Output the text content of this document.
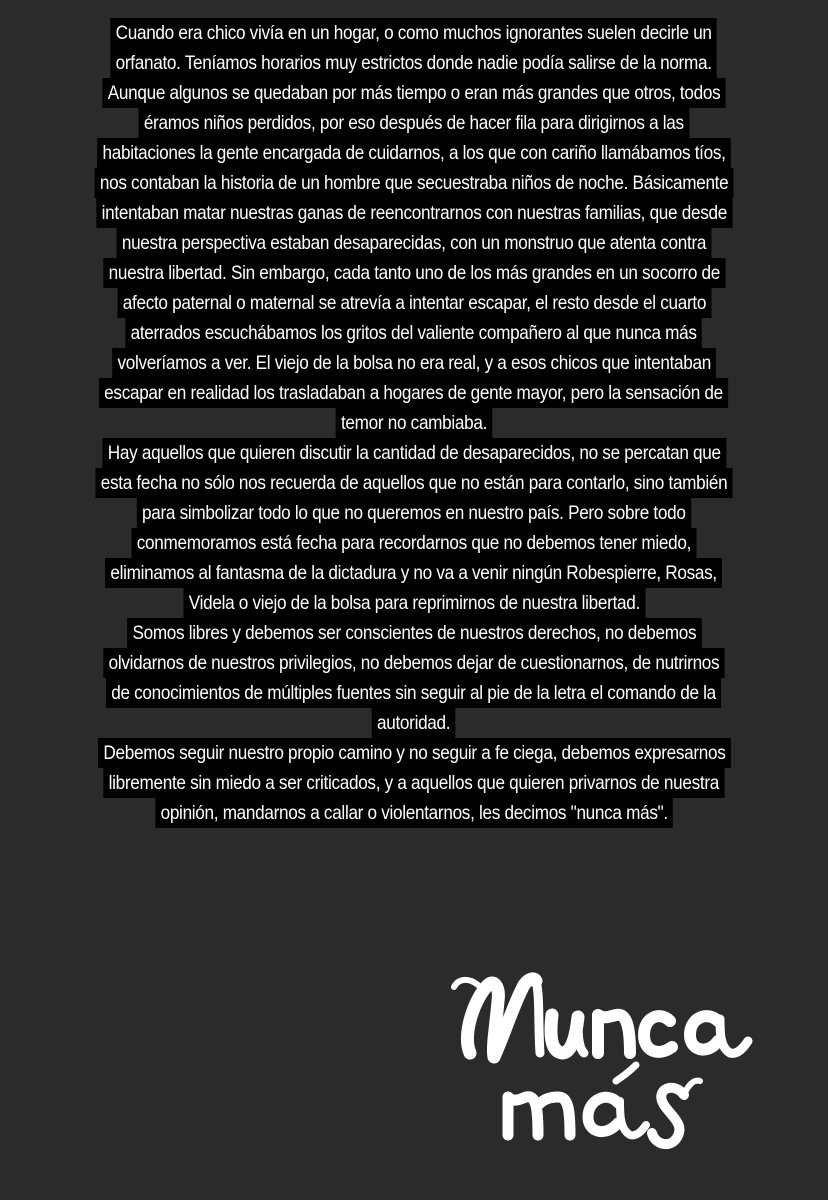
Cuando era chico vivía en un hogar, o como muchos ignorantes suelen decirle un
orfanato. Teníamos horarios muy estrictos donde nadie podía salirse de la norma.
Aunque algunos se quedaban por más tiempo o eran más grandes que otros, todos
éramos niños perdidos, por eso después de hacer fila para dirigirnos a las
habitaciones la gente encargada de cuidarnos, a los que con cariño llamábamos tíos,
nos contaban la historia de un hombre que secuestraba niños de noche. Básicamente
intentaban matar nuestras ganas de reencontrarnos con nuestras familias, que desde
nuestra perspectiva estaban desaparecidas, con un monstruo que atenta contra
nuestra libertad. Sin embargo, cada tanto uno de los más grandes en un socorro de
afecto paternal o maternal se atrevía a intentar escapar, el resto desde el cuarto
aterrados escuchábamos los gritos del valiente compañero al que nunca más
volveríamos a ver. El viejo de la bolsa no era real, y a esos chicos que intentaban
escapar en realidad los trasladaban a hogares de gente mayor, pero la sensación de
temor no cambiaba.
Hay aquellos que quieren discutir la cantidad de desaparecidos, no se percatan que
esta fecha no sólo nos recuerda de aquellos que no están para contarlo, sino también
para simbolizar todo lo que no queremos en nuestro país. Pero sobre todo
conmemoramos está fecha para recordarnos que no debemos tener miedo,
eliminamos al fantasma de la dictadura y no va a venir ningún Robespierre, Rosas,
Videla o viejo de la bolsa para reprimirnos de nuestra libertad.
Somos libres y debemos ser conscientes de nuestros derechos, no debemos
olvidarnos de nuestros privilegios, no debemos dejar de cuestionarnos, de nutrirnos
de conocimientos de múltiples fuentes sin seguir al pie de la letra el comando de la
autoridad.
Debemos seguir nuestro propio camino y no seguir a fe ciega, debemos expresarnos
libremente sin miedo a ser criticados, y a aquellos que quieren privarnos de nuestra
opinión, mandarnos a callar o violentarnos, les decimos "nunca más".
